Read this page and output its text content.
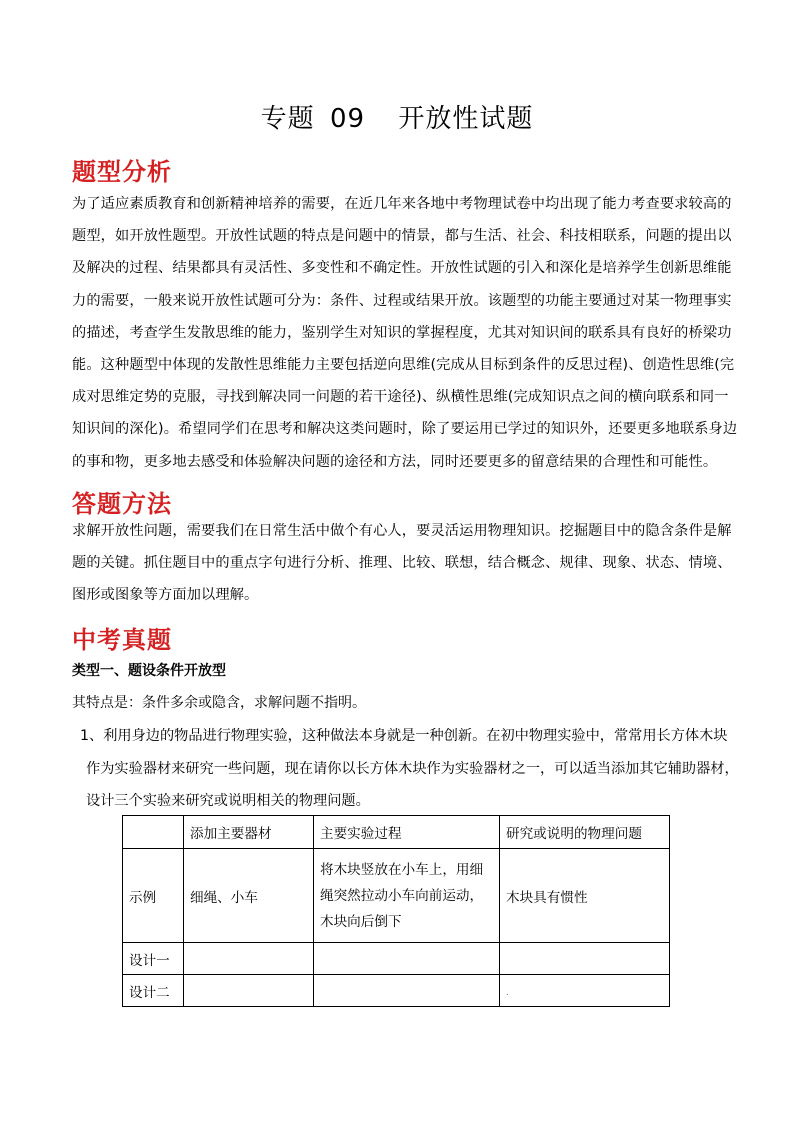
专题 09 开放性试题
题型分析
为了适应素质教育和创新精神培养的需要，在近几年来各地中考物理试卷中均出现了能力考查要求较高的
题型，如开放性题型。开放性试题的特点是问题中的情景，都与生活、社会、科技相联系，问题的提出以
及解决的过程、结果都具有灵活性、多变性和不确定性。开放性试题的引入和深化是培养学生创新思维能
力的需要，一般来说开放性试题可分为：条件、过程或结果开放。该题型的功能主要通过对某一物理事实
的描述，考查学生发散思维的能力，鉴别学生对知识的掌握程度，尤其对知识间的联系具有良好的桥梁功
能。这种题型中体现的发散性思维能力主要包括逆向思维(完成从目标到条件的反思过程)、创造性思维(完
成对思维定势的克服，寻找到解决同一问题的若干途径)、纵横性思维(完成知识点之间的横向联系和同一
知识间的深化)。希望同学们在思考和解决这类问题时，除了要运用已学过的知识外，还要更多地联系身边
的事和物，更多地去感受和体验解决问题的途径和方法，同时还要更多的留意结果的合理性和可能性。
答题方法
求解开放性问题，需要我们在日常生活中做个有心人，要灵活运用物理知识。挖掘题目中的隐含条件是解
题的关键。抓住题目中的重点字句进行分析、推理、比较、联想，结合概念、规律、现象、状态、情境、
图形或图象等方面加以理解。
中考真题
类型一、题设条件开放型
其特点是：条件多余或隐含，求解问题不指明。
1、利用身边的物品进行物理实验，这种做法本身就是一种创新。在初中物理实验中，常常用长方体木块
作为实验器材来研究一些问题，现在请你以长方体木块作为实验器材之一，可以适当添加其它辅助器材，
设计三个实验来研究或说明相关的物理问题。
	添加主要器材	主要实验过程	研究或说明的物理问题
示例	细绳、小车	将木块竖放在小车上，用细
绳突然拉动小车向前运动，
木块向后倒下	木块具有惯性
设计一			
设计二			.
